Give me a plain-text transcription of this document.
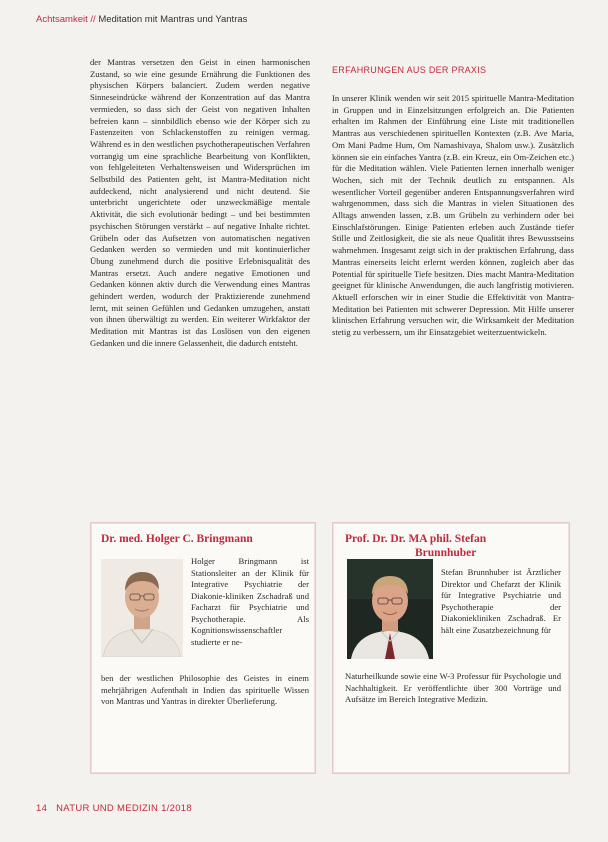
Achtsamkeit // Meditation mit Mantras und Yantras

der Mantras versetzen den Geist in einen harmonischen Zustand, so wie eine gesunde Ernährung die Funktionen des physischen Körpers balanciert. Zudem werden negative Sinneseindrücke während der Konzentration auf das Mantra vermieden, so dass sich der Geist von negativen Inhalten befreien kann – sinnbildlich ebenso wie der Körper sich zu Fastenzeiten von Schlackenstoffen zu reinigen vermag. Während es in den westlichen psychotherapeutischen Verfahren vorrangig um eine sprachliche Bearbeitung von Konflikten, von fehlgeleiteten Verhaltensweisen und Widersprüchen im Selbstbild des Patienten geht, ist Mantra-Meditation nicht aufdeckend, nicht analysierend und nicht deutend. Sie unterbricht ungerichtete oder unzweckmäßige mentale Aktivität, die sich evolutionär bedingt – und bei bestimmten psychischen Störungen verstärkt – auf negative Inhalte richtet. Grübeln oder das Aufsetzen von automatischen negativen Gedanken werden so vermieden und mit kontinuierlicher Übung zunehmend durch die positive Erlebnisqualität des Mantras ersetzt. Auch andere negative Emotionen und Gedanken können aktiv durch die Verwendung eines Mantras gehindert werden, wodurch der Praktizierende zunehmend lernt, mit seinen Gefühlen und Gedanken umzugehen, anstatt von ihnen überwältigt zu werden. Ein weiterer Wirkfaktor der Meditation mit Mantras ist das Loslösen von den eigenen Gedanken und die innere Gelassenheit, die dadurch entsteht.

ERFAHRUNGEN AUS DER PRAXIS

In unserer Klinik wenden wir seit 2015 spirituelle Mantra-Meditation in Gruppen und in Einzelsitzungen erfolgreich an. Die Patienten erhalten im Rahmen der Einführung eine Liste mit traditionellen Mantras aus verschiedenen spirituellen Kontexten (z.B. Ave Maria, Om Mani Padme Hum, Om Namashivaya, Shalom usw.). Zusätzlich können sie ein einfaches Yantra (z.B. ein Kreuz, ein Om-Zeichen etc.) für die Meditation wählen. Viele Patienten lernen innerhalb weniger Wochen, sich mit der Technik deutlich zu entspannen. Als wesentlicher Vorteil gegenüber anderen Entspannungsverfahren wird wahrgenommen, dass sich die Mantras in vielen Situationen des Alltags anwenden lassen, z.B. um Grübeln zu verhindern oder bei Einschlafstörungen. Einige Patienten erleben auch Zustände tiefer Stille und Zeitlosigkeit, die sie als neue Qualität ihres Bewusstseins wahrnehmen. Insgesamt zeigt sich in der praktischen Erfahrung, dass Mantras einerseits leicht erlernt werden können, zugleich aber das Potential für spirituelle Tiefe besitzen. Dies macht Mantra-Meditation geeignet für klinische Anwendungen, die auch langfristig motivieren. Aktuell erforschen wir in einer Studie die Effektivität von Mantra-Meditation bei Patienten mit schwerer Depression. Mit Hilfe unserer klinischen Erfahrung versuchen wir, die Wirksamkeit der Meditation stetig zu verbessern, um ihr Einsatzgebiet weiterzuentwickeln.

Dr. med. Holger C. Bringmann

Holger Bringmann ist Stationsleiter an der Klinik für Integrative Psychiatrie der Diakonie-kliniken Zschadraß und Facharzt für Psychiatrie und Psychotherapie. Als Kognitionswissenschaftler studierte er ne-

ben der westlichen Philosophie des Geistes in einem mehrjährigen Aufenthalt in Indien das spirituelle Wissen von Mantras und Yantras in direkter Überlieferung.

Prof. Dr. Dr. MA phil. Stefan
Brunnhuber

Stefan Brunnhuber ist Ärztlicher Direktor und Chefarzt der Klinik für Integrative Psychiatrie und Psychotherapie der Diakoniekliniken Zschadraß. Er hält eine Zusatzbezeichnung für

Naturheilkunde sowie eine W-3 Professur für Psychologie und Nachhaltigkeit. Er veröffentlichte über 300 Vorträge und Aufsätze im Bereich Integrative Medizin.

14 NATUR UND MEDIZIN 1/2018
